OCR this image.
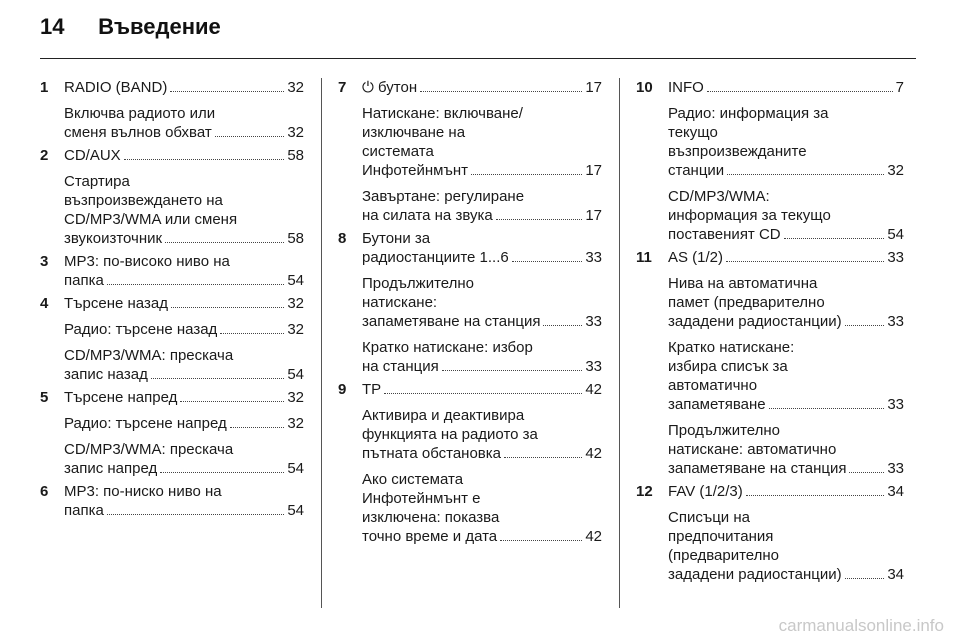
14 Въведение
1	RADIO (BAND)	32
Включва радиото или
сменя вълнов обхват	32
2	CD/AUX	58
Стартира
възпроизвеждането на
CD/MP3/WMA или сменя
звукоизточник	58
3	MP3: по-високо ниво на
папка	54
4	Търсене назад	32
Радио: търсене назад	32
CD/MP3/WMA: прескача
запис назад	54
5	Търсене напред	32
Радио: търсене напред	32
CD/MP3/WMA: прескача
запис напред	54
6	MP3: по-ниско ниво на
папка	54
7	⏻ бутон	17
Натискане: включване/
изключване на
системата
Инфотейнмънт	17
Завъртане: регулиране
на силата на звука	17
8	Бутони за
радиостанциите 1...6	33
Продължително
натискане:
запаметяване на станция	33
Кратко натискане: избор
на станция	33
9	TP	42
Активира и деактивира
функцията на радиото за
пътната обстановка	42
Ако системата
Инфотейнмънт е
изключена: показва
точно време и дата	42
10	INFO	7
Радио: информация за
текущо
възпроизвежданите
станции	32
CD/MP3/WMA:
информация за текущо
поставеният CD	54
11	AS (1/2)	33
Нива на автоматична
памет (предварително
зададени радиостанции)	33
Кратко натискане:
избира списък за
автоматично
запаметяване	33
Продължително
натискане: автоматично
запаметяване на станция	33
12	FAV (1/2/3)	34
Списъци на
предпочитания
(предварително
зададени радиостанции)	34
carmanualsonline.info
